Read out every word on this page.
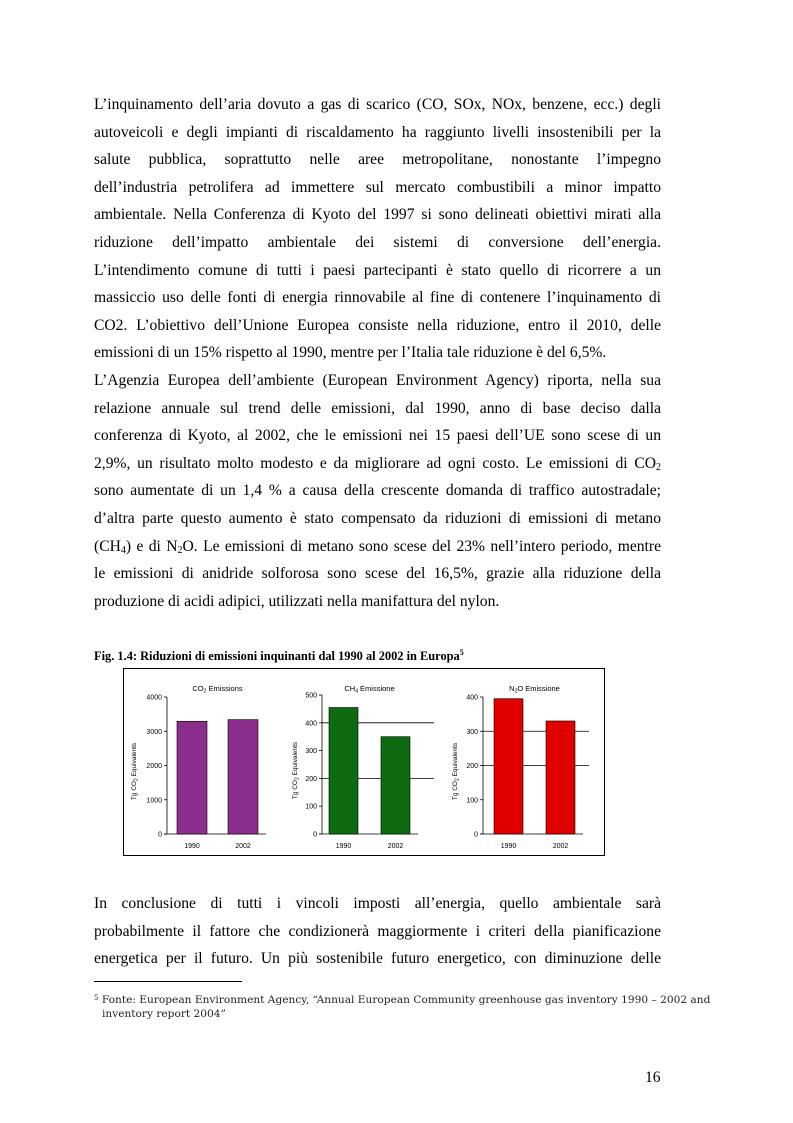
L’inquinamento dell’aria dovuto a gas di scarico (CO, SOx, NOx, benzene, ecc.) degli
autoveicoli e degli impianti di riscaldamento ha raggiunto livelli insostenibili per la
salute pubblica, soprattutto nelle aree metropolitane, nonostante l’impegno
dell’industria petrolifera ad immettere sul mercato combustibili a minor impatto
ambientale. Nella Conferenza di Kyoto del 1997 si sono delineati obiettivi mirati alla
riduzione dell’impatto ambientale dei sistemi di conversione dell’energia.
L’intendimento comune di tutti i paesi partecipanti è stato quello di ricorrere a un
massiccio uso delle fonti di energia rinnovabile al fine di contenere l’inquinamento di
CO2. L’obiettivo dell’Unione Europea consiste nella riduzione, entro il 2010, delle
emissioni di un 15% rispetto al 1990, mentre per l’Italia tale riduzione è del 6,5%.
L’Agenzia Europea dell’ambiente (European Environment Agency) riporta, nella sua
relazione annuale sul trend delle emissioni, dal 1990, anno di base deciso dalla
conferenza di Kyoto, al 2002, che le emissioni nei 15 paesi dell’UE sono scese di un
2,9%, un risultato molto modesto e da migliorare ad ogni costo. Le emissioni di $CO_2$
sono aumentate di un 1,4 % a causa della crescente domanda di traffico autostradale;
d’altra parte questo aumento è stato compensato da riduzioni di emissioni di metano
$(CH_4)$ e di $N_2O$. Le emissioni di metano sono scese del 23% nell’intero periodo, mentre
le emissioni di anidride solforosa sono scese del 16,5%, grazie alla riduzione della
produzione di acidi adipici, utilizzati nella manifattura del nylon.
Fig. 1.4: Riduzioni di emissioni inquinanti dal 1990 al 2002 in Europa$^5$
$CO_2$ Emissions
0
1000
2000
3000
4000
Tg $CO_2$ Equivalents
1990	2002
$CH_4$ Emissione
0
100
200
300
400
500
Tg $CO_2$ Equivalents
1990	2002
$N_2O$ Emissione
0
100
200
300
400
Tg $CO_2$ Equivalents
1990	2002
In conclusione di tutti i vincoli imposti all’energia, quello ambientale sarà
probabilmente il fattore che condizionerà maggiormente i criteri della pianificazione
energetica per il futuro. Un più sostenibile futuro energetico, con diminuzione delle
$^5$ Fonte: European Environment Agency, “Annual European Community greenhouse gas inventory 1990 – 2002 and
inventory report 2004”
16
